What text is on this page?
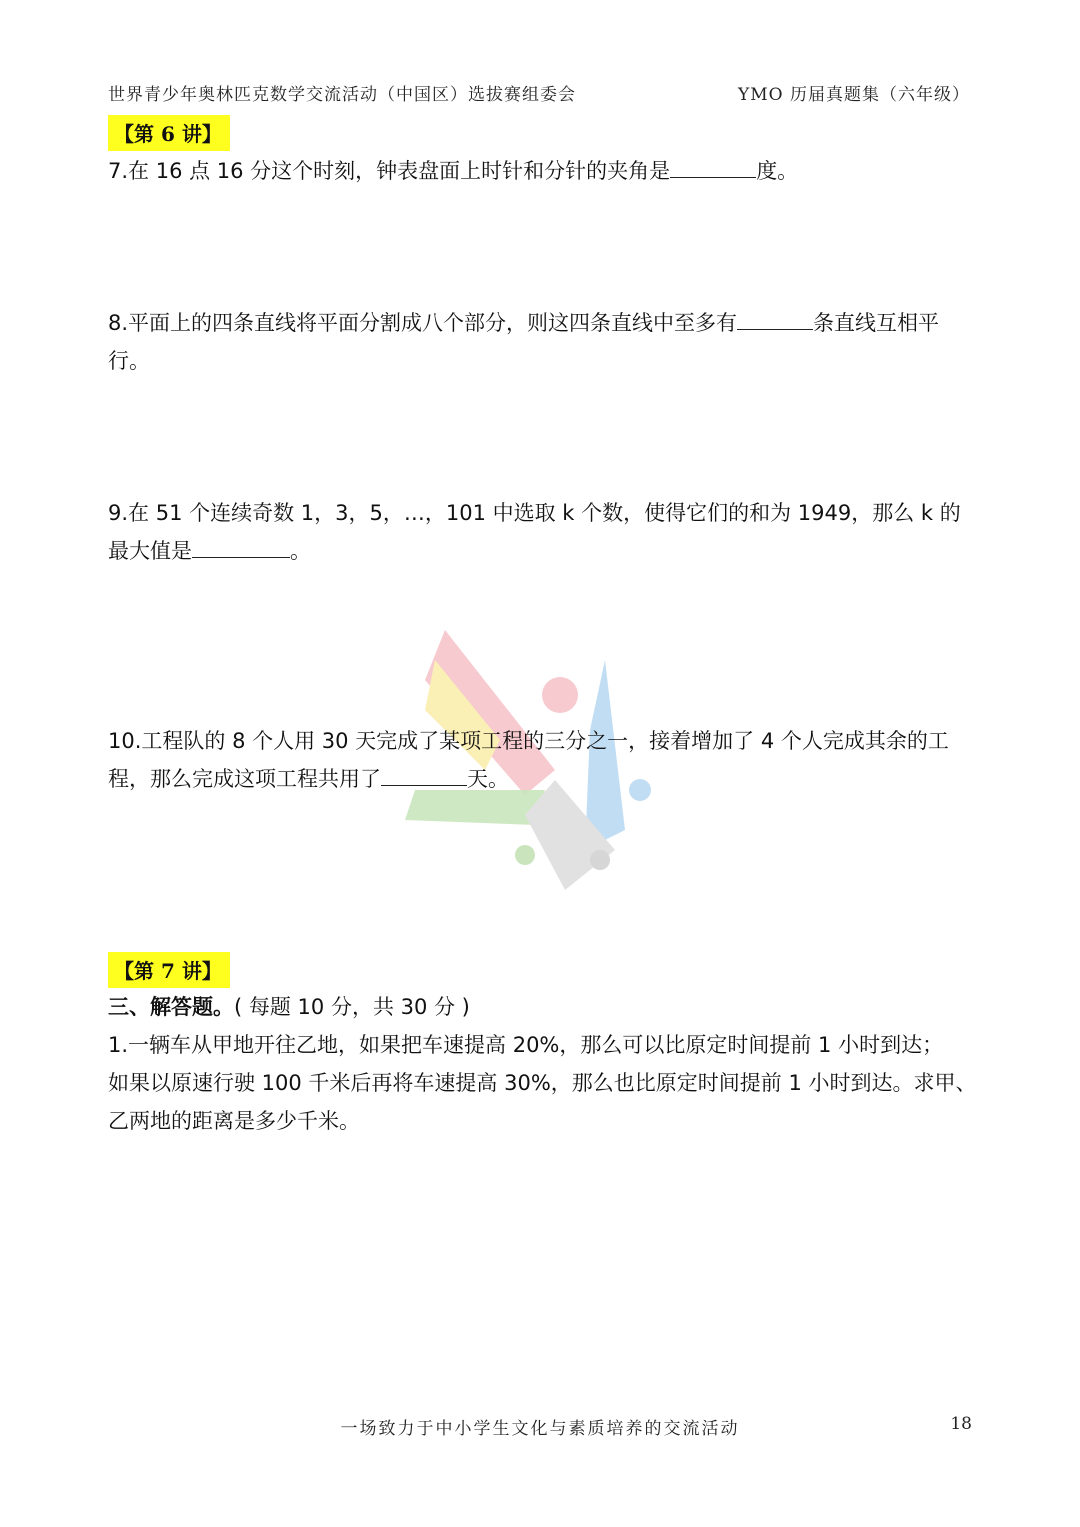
世界青少年奥林匹克数学交流活动（中国区）选拔赛组委会	YMO 历届真题集（六年级）
【第 6 讲】
7.在 16 点 16 分这个时刻，钟表盘面上时针和分针的夹角是	度。
8.平面上的四条直线将平面分割成八个部分，则这四条直线中至多有	条直线互相平
行。
9.在 51 个连续奇数 1，3，5，…，101 中选取 k 个数，使得它们的和为 1949，那么 k 的
最大值是	。
10.工程队的 8 个人用 30 天完成了某项工程的三分之一，接着增加了 4 个人完成其余的工
程，那么完成这项工程共用了	天。
【第 7 讲】
三、解答题。( 每题 10 分，共 30 分 )
1.一辆车从甲地开往乙地，如果把车速提高 20%，那么可以比原定时间提前 1 小时到达；
如果以原速行驶 100 千米后再将车速提高 30%，那么也比原定时间提前 1 小时到达。求甲、
乙两地的距离是多少千米。
一场致力于中小学生文化与素质培养的交流活动	18
